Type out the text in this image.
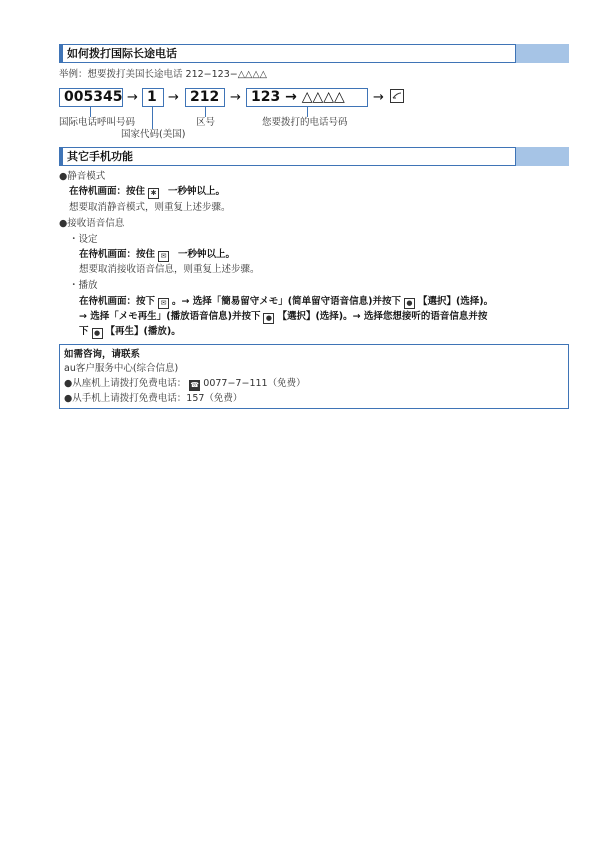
如何拨打国际长途电话
举例：想要拨打美国长途电话 212−123−△△△△
005345 → 1 → 212 → 123 → △△△△	→
国际电话呼叫号码
国家代码(美国)
区号	您要拨打的电话号码
其它手机功能
●静音模式
在待机画面：按住 ✱ 一秒钟以上。
想要取消静音模式，则重复上述步骤。
●接收语音信息
・设定
在待机画面：按住 ✉ 一秒钟以上。
想要取消接收语音信息，则重复上述步骤。
・播放
在待机画面：按下 ✉ 。→ 选择「簡易留守メモ」(简单留守语音信息)并按下 ● 【選択】(选择)。
→ 选择「メモ再生」(播放语音信息)并按下 ● 【選択】(选择)。→ 选择您想接听的语音信息并按
下 ● 【再生】(播放)。
如需咨询，请联系
au客户服务中心(综合信息)
●从座机上请拨打免费电话： ☎ 0077−7−111（免费）
●从手机上请拨打免费电话：157（免费）
